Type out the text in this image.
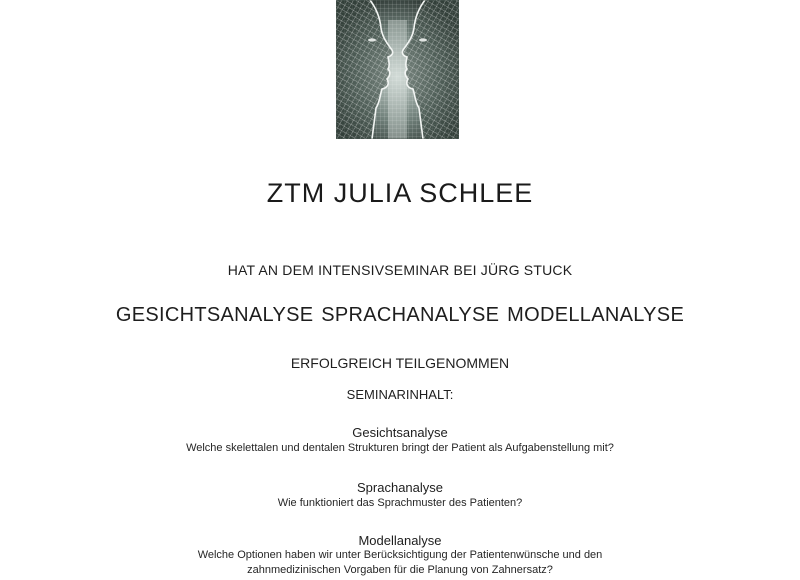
ZTM JULIA SCHLEE
HAT AN DEM INTENSIVSEMINAR BEI JÜRG STUCK
GESICHTSANALYSE SPRACHANALYSE MODELLANALYSE
ERFOLGREICH TEILGENOMMEN
SEMINARINHALT:
Gesichtsanalyse
Welche skelettalen und dentalen Strukturen bringt der Patient als Aufgabenstellung mit?
Sprachanalyse
Wie funktioniert das Sprachmuster des Patienten?
Modellanalyse
Welche Optionen haben wir unter Berücksichtigung der Patientenwünsche und den
zahnmedizinischen Vorgaben für die Planung von Zahnersatz?
